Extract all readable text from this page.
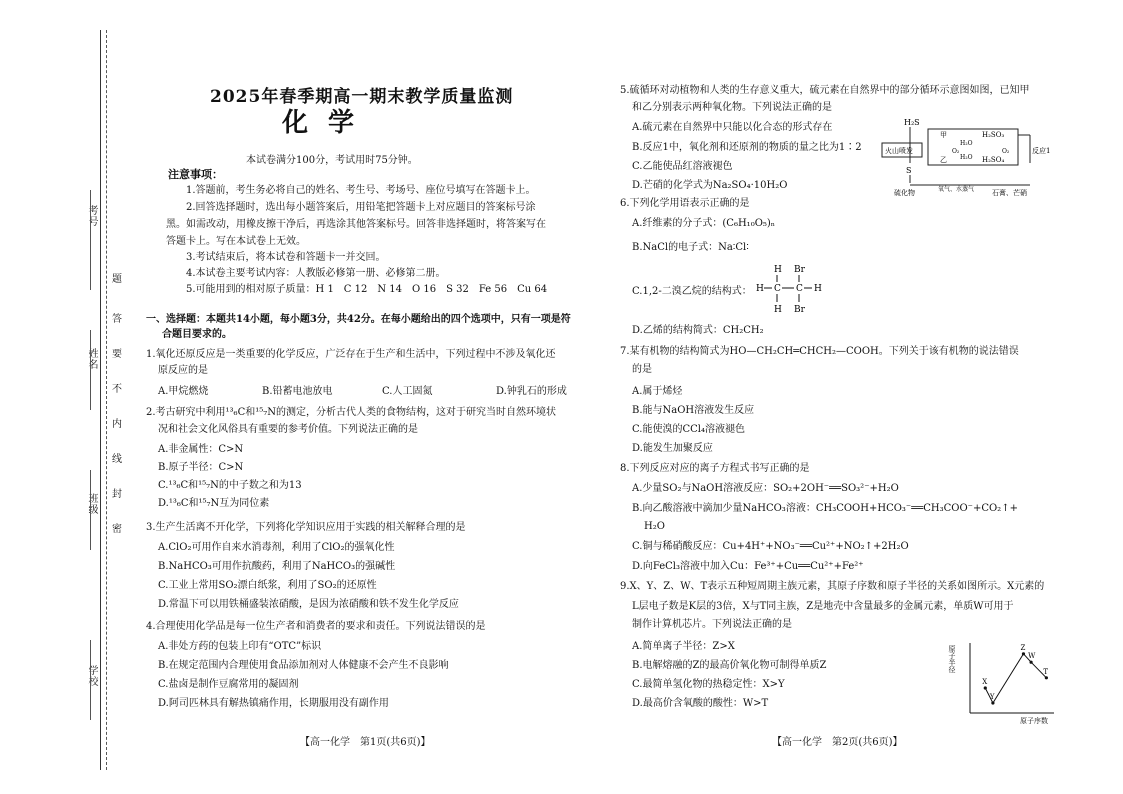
考号
姓名
班级
学校
题
答
要
不
内
线
封
密
2025年春季期高一期末教学质量监测
化学
本试卷满分100分，考试用时75分钟。
注意事项：
1.答题前，考生务必将自己的姓名、考生号、考场号、座位号填写在答题卡上。
2.回答选择题时，选出每小题答案后，用铅笔把答题卡上对应题目的答案标号涂
黑。如需改动，用橡皮擦干净后，再选涂其他答案标号。回答非选择题时，将答案写在
答题卡上。写在本试卷上无效。
3.考试结束后，将本试卷和答题卡一并交回。
4.本试卷主要考试内容：人教版必修第一册、必修第二册。
5.可能用到的相对原子质量：H 1　C 12　N 14　O 16　S 32　Fe 56　Cu 64
一、选择题：本题共14小题，每小题3分，共42分。在每小题给出的四个选项中，只有一项是符
合题目要求的。
1.氧化还原反应是一类重要的化学反应，广泛存在于生产和生活中，下列过程中不涉及氧化还
原反应的是
A.甲烷燃烧	B.铅蓄电池放电	C.人工固氮	D.钟乳石的形成
2.考古研究中利用¹³₆C和¹⁵₇N的测定，分析古代人类的食物结构，这对于研究当时自然环境状
况和社会文化风俗具有重要的参考价值。下列说法正确的是
A.非金属性：C>N
B.原子半径：C>N
C.¹³₆C和¹⁵₇N的中子数之和为13
D.¹³₆C和¹⁵₇N互为同位素
3.生产生活离不开化学，下列将化学知识应用于实践的相关解释合理的是
A.ClO₂可用作自来水消毒剂，利用了ClO₂的强氧化性
B.NaHCO₃可用作抗酸药，利用了NaHCO₃的强碱性
C.工业上常用SO₂漂白纸浆，利用了SO₂的还原性
D.常温下可以用铁桶盛装浓硝酸，是因为浓硝酸和铁不发生化学反应
4.合理使用化学品是每一位生产者和消费者的要求和责任。下列说法错误的是
A.非处方药的包装上印有“OTC”标识
B.在规定范围内合理使用食品添加剂对人体健康不会产生不良影响
C.盐卤是制作豆腐常用的凝固剂
D.阿司匹林具有解热镇痛作用，长期服用没有副作用
【高一化学　第1页(共6页)】
5.硫循环对动植物和人类的生存意义重大，硫元素在自然界中的部分循环示意图如图，已知甲
和乙分别表示两种氧化物。下列说法正确的是
A.硫元素在自然界中只能以化合态的形式存在
B.反应1中，氧化剂和还原剂的物质的量之比为1∶2
C.乙能使品红溶液褪色
D.芒硝的化学式为Na₂SO₄·10H₂O
H₂S
火山喷发
甲
H₂O
H₂SO₃
O₂
乙 H₂O H₂SO₄
O₂	反应1
S
硫化物	氧气、水蒸气	石膏、芒硝
6.下列化学用语表示正确的是
A.纤维素的分子式：(C₆H₁₀O₅)ₙ
B.NaCl的电子式：Na∶Cl∶
C.1,2-二溴乙烷的结构式：
H Br
H C C H
H Br
D.乙烯的结构简式：CH₂CH₂
7.某有机物的结构简式为HO—CH₂CH═CHCH₂—COOH。下列关于该有机物的说法错误
的是
A.属于烯烃
B.能与NaOH溶液发生反应
C.能使溴的CCl₄溶液褪色
D.能发生加聚反应
8.下列反应对应的离子方程式书写正确的是
A.少量SO₂与NaOH溶液反应：SO₂+2OH⁻══SO₃²⁻+H₂O
B.向乙酸溶液中滴加少量NaHCO₃溶液：CH₃COOH+HCO₃⁻══CH₃COO⁻+CO₂↑+
H₂O
C.铜与稀硝酸反应：Cu+4H⁺+NO₃⁻══Cu²⁺+NO₂↑+2H₂O
D.向FeCl₃溶液中加入Cu：Fe³⁺+Cu══Cu²⁺+Fe²⁺
9.X、Y、Z、W、T表示五种短周期主族元素，其原子序数和原子半径的关系如图所示。X元素的
L层电子数是K层的3倍，X与T同主族，Z是地壳中含量最多的金属元素，单质W可用于
制作计算机芯片。下列说法正确的是
A.简单离子半径：Z>X
B.电解熔融的Z的最高价氧化物可制得单质Z
C.最简单氢化物的热稳定性：X>Y
D.最高价含氧酸的酸性：W>T
原子半径
原子序数
X
Y
Z
W
T
【高一化学　第2页(共6页)】
